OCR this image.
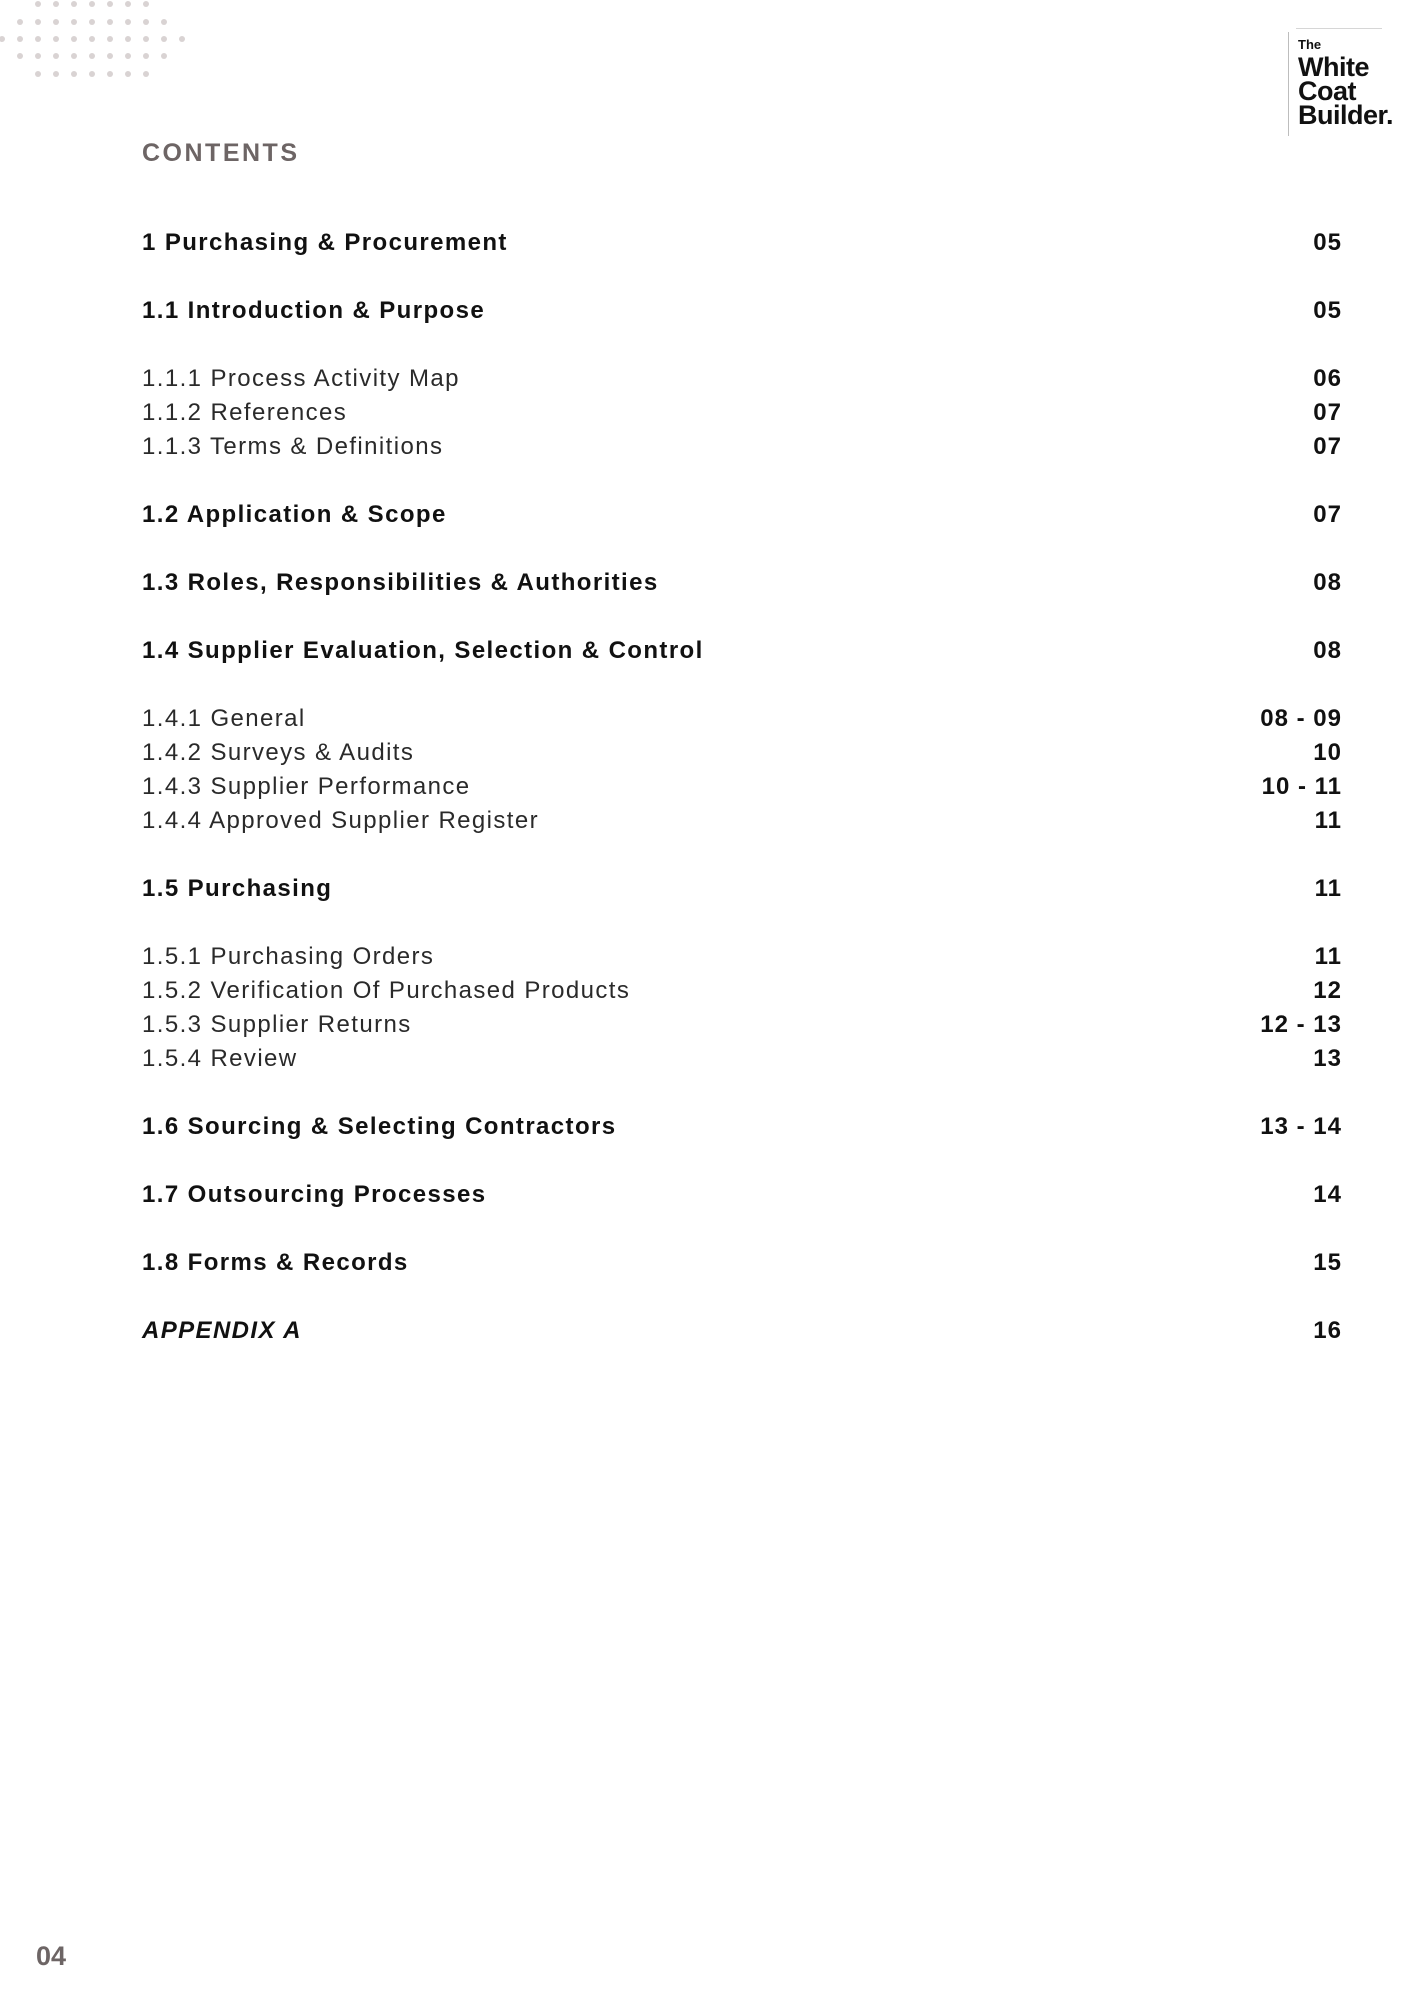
The
White
Coat
Builder.
CONTENTS
1 Purchasing & Procurement	05
1.1 Introduction & Purpose	05
1.1.1 Process Activity Map	06
1.1.2 References	07
1.1.3 Terms & Definitions	07
1.2 Application & Scope	07
1.3 Roles, Responsibilities & Authorities	08
1.4 Supplier Evaluation, Selection & Control	08
1.4.1 General	08 - 09
1.4.2 Surveys & Audits	10
1.4.3 Supplier Performance	10 - 11
1.4.4 Approved Supplier Register	11
1.5 Purchasing	11
1.5.1 Purchasing Orders	11
1.5.2 Verification Of Purchased Products	12
1.5.3 Supplier Returns	12 - 13
1.5.4 Review	13
1.6 Sourcing & Selecting Contractors	13 - 14
1.7 Outsourcing Processes	14
1.8 Forms & Records	15
APPENDIX A	16
04
